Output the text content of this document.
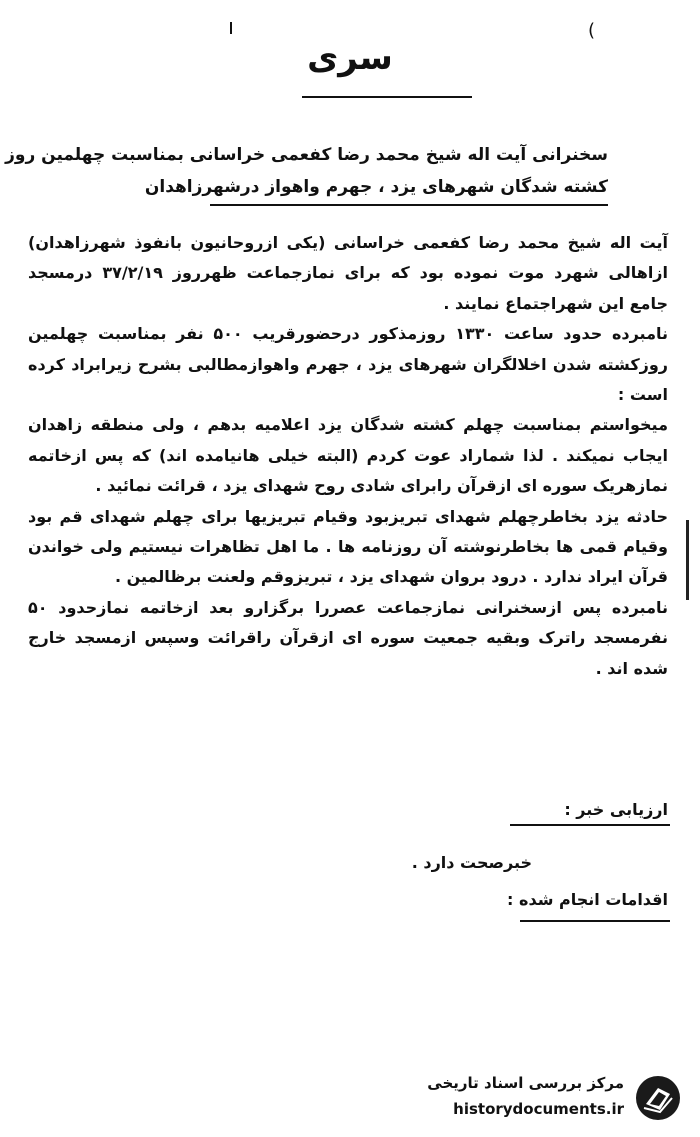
(
سری
سخنرانی آیت اله شیخ محمد رضا کفعمی خراسانی بمناسبت چهلمین روز
کشته شدگان شهرهای یزد ، جهرم واهواز درشهرزاهدان

آیت اله شیخ محمد رضا کفعمی خراسانی (یکی ازروحانیون بانفوذ شهرزاهدان) ازاهالی شهرد موت نموده بود که برای نمازجماعت ظهرروز ۳۷/۲/۱۹ درمسجد جامع این شهراجتماع نمایند .

نامبرده حدود ساعت ۱۳۳۰ روزمذکور درحضورقریب ۵۰۰ نفر بمناسبت چهلمین روزکشته شدن اخلالگران شهرهای یزد ، جهرم واهوازمطالبی بشرح زیرابراد کرده است :

میخواستم بمناسبت چهلم کشته شدگان یزد اعلامیه بدهم ، ولی منطقه زاهدان ایجاب نمیکند . لذا شماراد عوت کردم (البته خیلی هانیامده اند) که پس ازخاتمه نمازهریک سوره ای ازقرآن رابرای شادی روح شهدای یزد ، قرائت نمائید .

حادثه یزد بخاطرچهلم شهدای تبریزبود وقیام تبریزیها برای چهلم شهدای قم بود وقیام قمی ها بخاطرنوشته آن روزنامه ها . ما اهل تظاهرات نیستیم ولی خواندن قرآن ایراد ندارد . درود بروان شهدای یزد ، تبریزوقم ولعنت برظالمین .

نامبرده پس ازسخنرانی نمازجماعت عصررا برگزارو بعد ازخاتمه نمازحدود ۵۰ نفرمسجد راترک وبقیه جمعیت سوره ای ازقرآن راقرائت وسپس ازمسجد خارج شده اند .

ارزیابی خبر :
خبرصحت دارد .
اقدامات انجام شده :
مرکز بررسی اسناد تاریخی
historydocuments.ir
